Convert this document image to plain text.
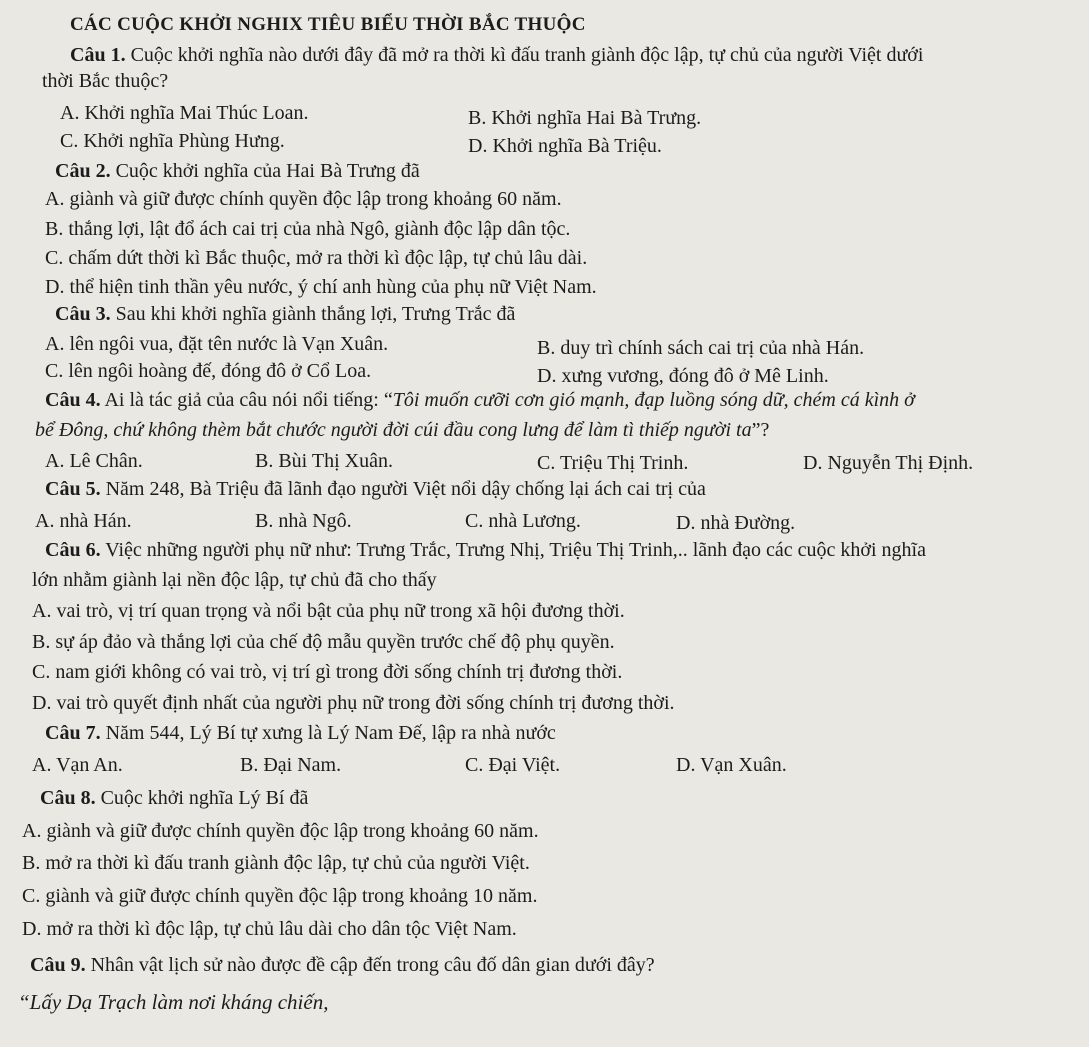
CÁC CUỘC KHỞI NGHIX TIÊU BIỂU THỜI BẮC THUỘC
Câu 1. Cuộc khởi nghĩa nào dưới đây đã mở ra thời kì đấu tranh giành độc lập, tự chủ của người Việt dưới
thời Bắc thuộc?
A. Khởi nghĩa Mai Thúc Loan.	B. Khởi nghĩa Hai Bà Trưng.
C. Khởi nghĩa Phùng Hưng.	D. Khởi nghĩa Bà Triệu.
Câu 2. Cuộc khởi nghĩa của Hai Bà Trưng đã
A. giành và giữ được chính quyền độc lập trong khoảng 60 năm.
B. thắng lợi, lật đổ ách cai trị của nhà Ngô, giành độc lập dân tộc.
C. chấm dứt thời kì Bắc thuộc, mở ra thời kì độc lập, tự chủ lâu dài.
D. thể hiện tinh thần yêu nước, ý chí anh hùng của phụ nữ Việt Nam.
Câu 3. Sau khi khởi nghĩa giành thắng lợi, Trưng Trắc đã
A. lên ngôi vua, đặt tên nước là Vạn Xuân.	B. duy trì chính sách cai trị của nhà Hán.
C. lên ngôi hoàng đế, đóng đô ở Cổ Loa.	D. xưng vương, đóng đô ở Mê Linh.
Câu 4. Ai là tác giả của câu nói nổi tiếng: “Tôi muốn cưỡi cơn gió mạnh, đạp luồng sóng dữ, chém cá kình ở
bể Đông, chứ không thèm bắt chước người đời cúi đầu cong lưng để làm tì thiếp người ta”?
A. Lê Chân.	B. Bùi Thị Xuân.	C. Triệu Thị Trinh.	D. Nguyễn Thị Định.
Câu 5. Năm 248, Bà Triệu đã lãnh đạo người Việt nổi dậy chống lại ách cai trị của
A. nhà Hán.	B. nhà Ngô.	C. nhà Lương.	D. nhà Đường.
Câu 6. Việc những người phụ nữ như: Trưng Trắc, Trưng Nhị, Triệu Thị Trinh,.. lãnh đạo các cuộc khởi nghĩa
lớn nhằm giành lại nền độc lập, tự chủ đã cho thấy
A. vai trò, vị trí quan trọng và nổi bật của phụ nữ trong xã hội đương thời.
B. sự áp đảo và thắng lợi của chế độ mẫu quyền trước chế độ phụ quyền.
C. nam giới không có vai trò, vị trí gì trong đời sống chính trị đương thời.
D. vai trò quyết định nhất của người phụ nữ trong đời sống chính trị đương thời.
Câu 7. Năm 544, Lý Bí tự xưng là Lý Nam Đế, lập ra nhà nước
A. Vạn An.	B. Đại Nam.	C. Đại Việt.	D. Vạn Xuân.
Câu 8. Cuộc khởi nghĩa Lý Bí đã
A. giành và giữ được chính quyền độc lập trong khoảng 60 năm.
B. mở ra thời kì đấu tranh giành độc lập, tự chủ của người Việt.
C. giành và giữ được chính quyền độc lập trong khoảng 10 năm.
D. mở ra thời kì độc lập, tự chủ lâu dài cho dân tộc Việt Nam.
Câu 9. Nhân vật lịch sử nào được đề cập đến trong câu đố dân gian dưới đây?
“Lấy Dạ Trạch làm nơi kháng chiến,
